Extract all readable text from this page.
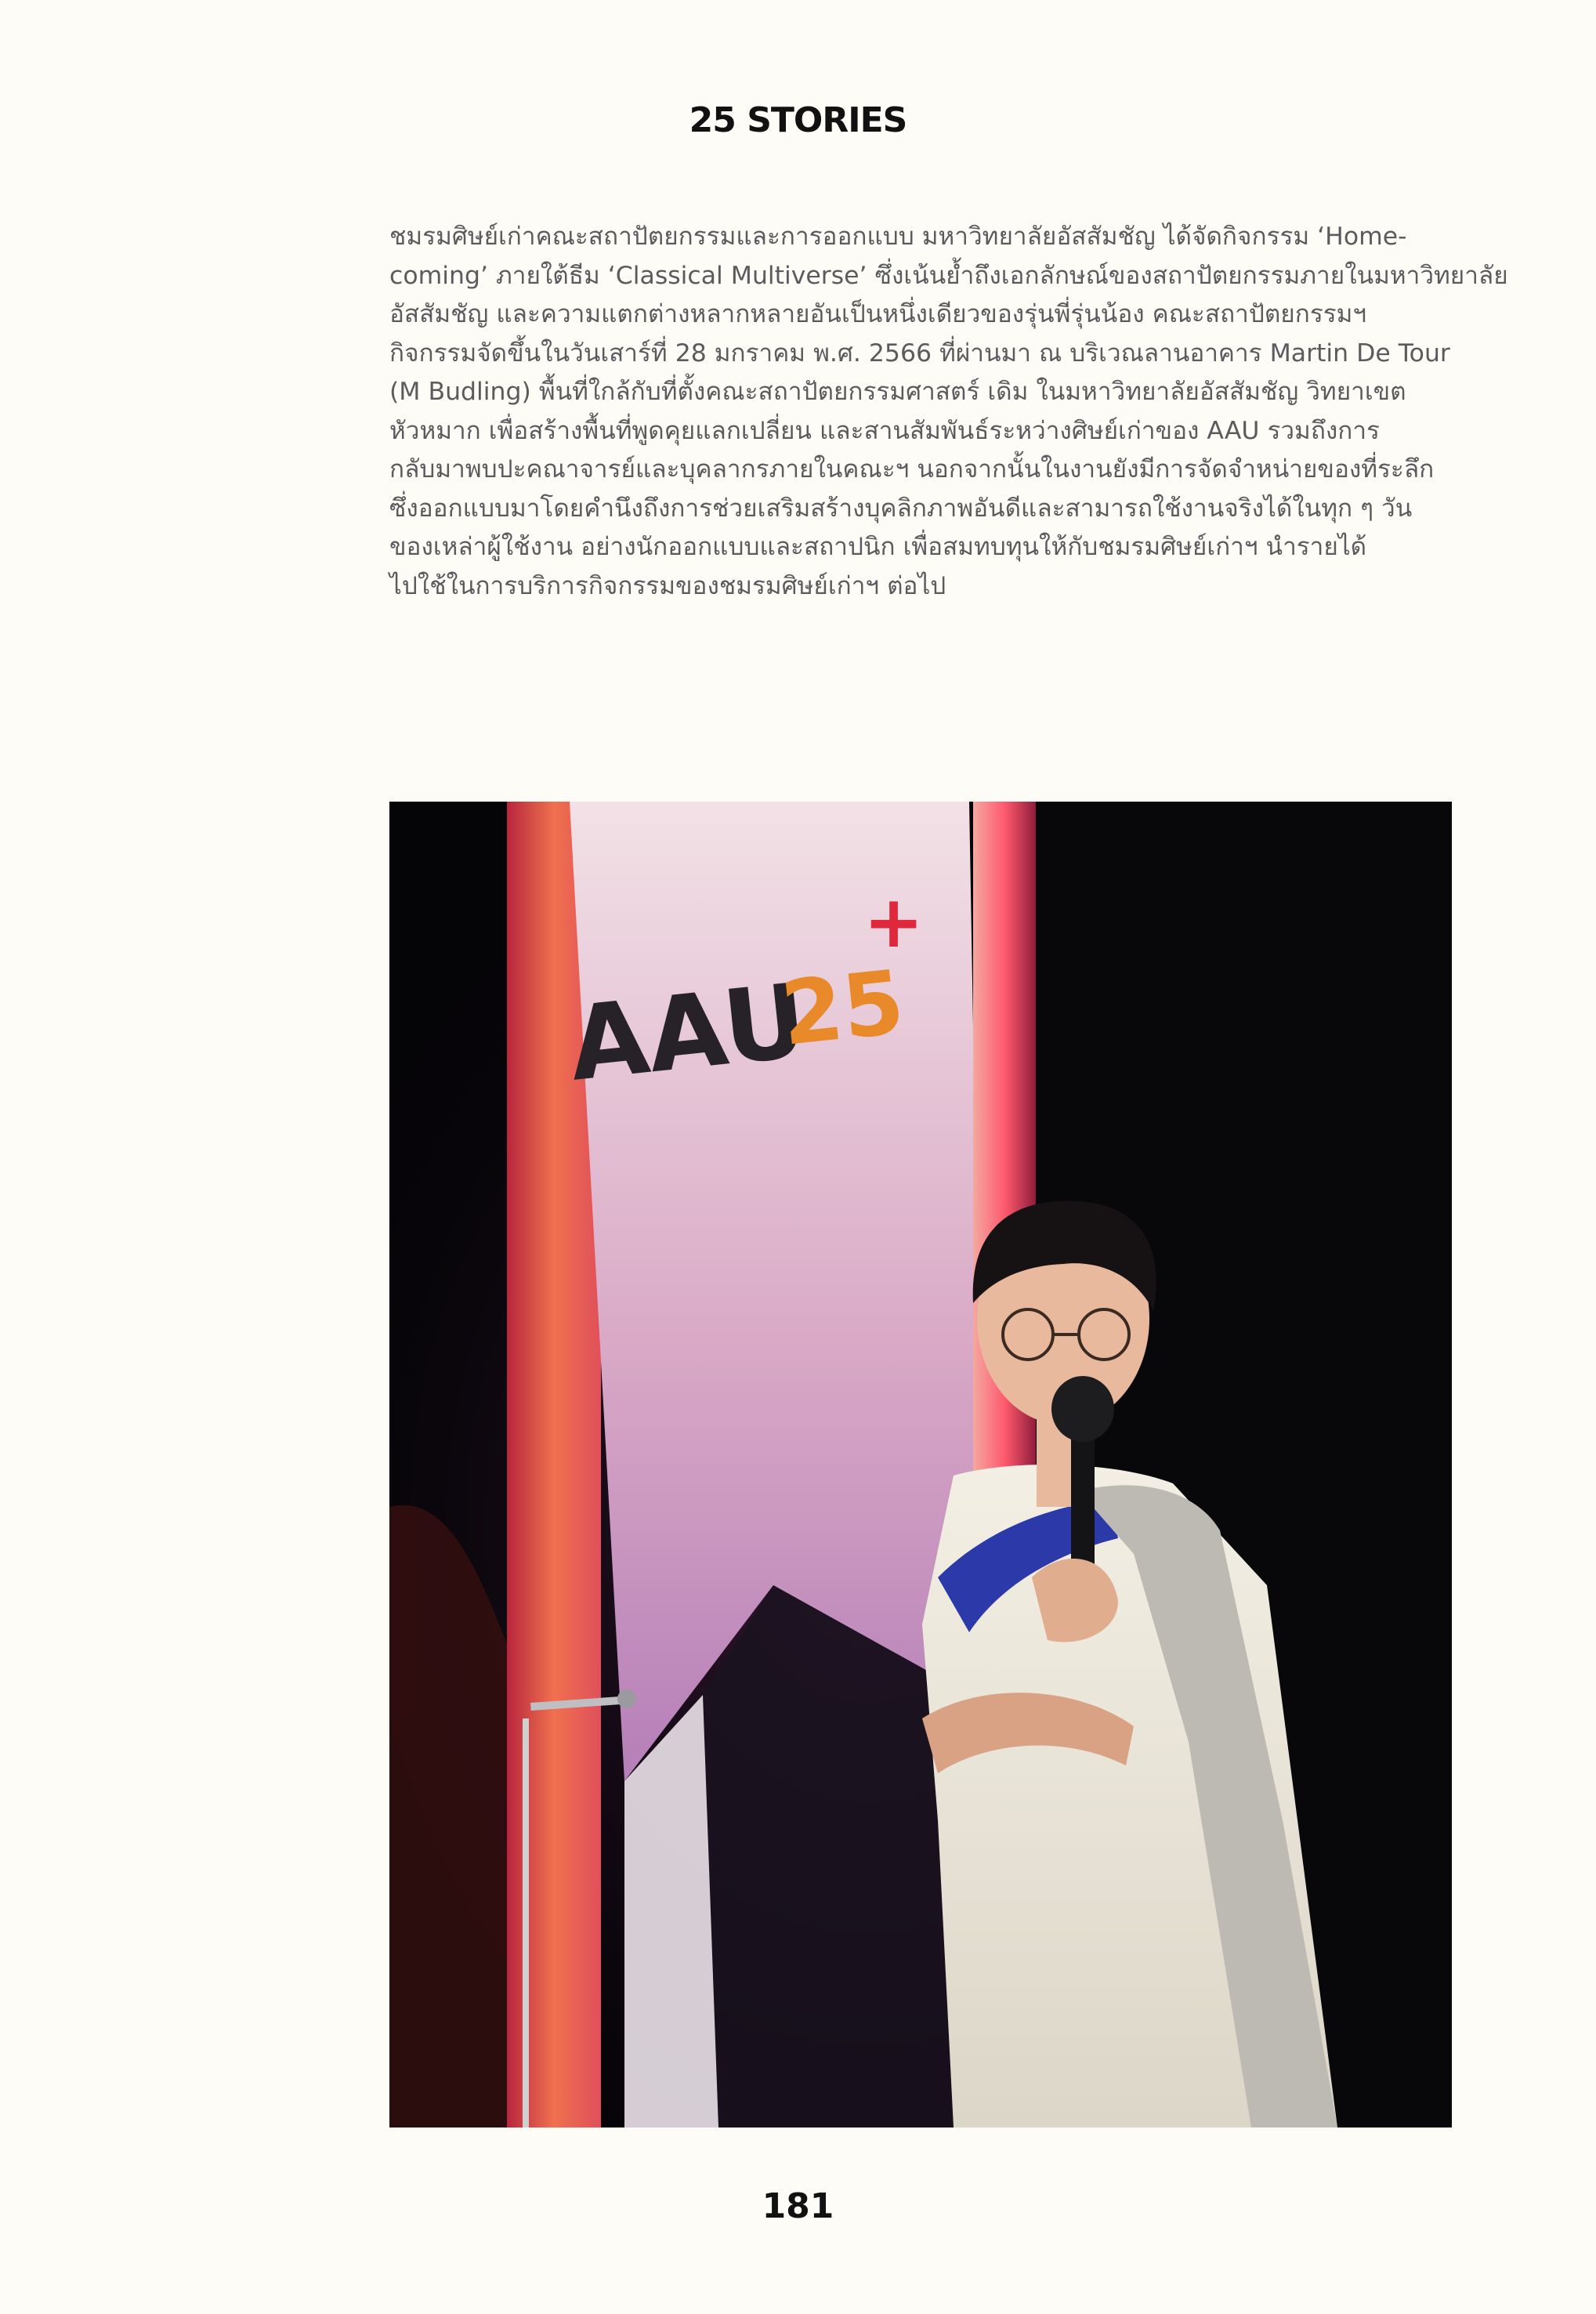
25 STORIES
ชมรมศิษย์เก่าคณะสถาปัตยกรรมและการออกแบบ มหาวิทยาลัยอัสสัมชัญ ได้จัดกิจกรรม ‘Home-
coming’ ภายใต้ธีม ‘Classical Multiverse’ ซึ่งเน้นย้ำถึงเอกลักษณ์ของสถาปัตยกรรมภายในมหาวิทยาลัย
อัสสัมชัญ และความแตกต่างหลากหลายอันเป็นหนึ่งเดียวของรุ่นพี่รุ่นน้อง คณะสถาปัตยกรรมฯ
กิจกรรมจัดขึ้นในวันเสาร์ที่ 28 มกราคม พ.ศ. 2566 ที่ผ่านมา ณ บริเวณลานอาคาร Martin De Tour
(M Budling) พื้นที่ใกล้กับที่ตั้งคณะสถาปัตยกรรมศาสตร์ เดิม ในมหาวิทยาลัยอัสสัมชัญ วิทยาเขต
หัวหมาก เพื่อสร้างพื้นที่พูดคุยแลกเปลี่ยน และสานสัมพันธ์ระหว่างศิษย์เก่าของ AAU รวมถึงการ
กลับมาพบปะคณาจารย์และบุคลากรภายในคณะฯ นอกจากนั้นในงานยังมีการจัดจำหน่ายของที่ระลึก
ซึ่งออกแบบมาโดยคำนึงถึงการช่วยเสริมสร้างบุคลิกภาพอันดีและสามารถใช้งานจริงได้ในทุก ๆ วัน
ของเหล่าผู้ใช้งาน อย่างนักออกแบบและสถาปนิก เพื่อสมทบทุนให้กับชมรมศิษย์เก่าฯ นำรายได้
ไปใช้ในการบริการกิจกรรมของชมรมศิษย์เก่าฯ ต่อไป
AAU
25
+
181
